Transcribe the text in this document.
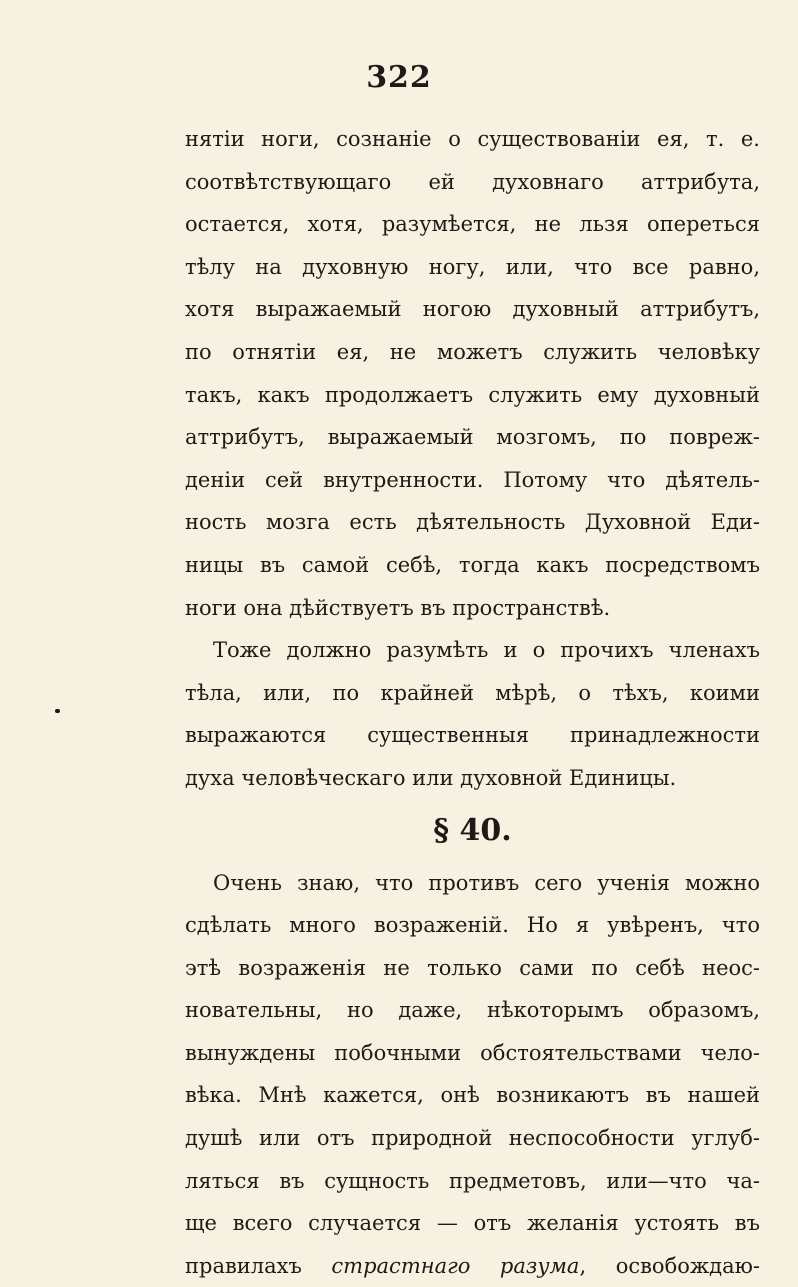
322
нятіи ноги, сознаніе о существованіи ея, т. е.
соотвѣтствующаго ей духовнаго аттрибута,
остается, хотя, разумѣется, не льзя опереться
тѣлу на духовную ногу, или, что все равно,
хотя выражаемый ногою духовный аттрибутъ,
по отнятіи ея, не можетъ служить человѣку
такъ, какъ продолжаетъ служить ему духовный
аттрибутъ, выражаемый мозгомъ, по повреж-
деніи сей внутренности. Потому что дѣятель-
ность мозга есть дѣятельность Духовной Еди-
ницы въ самой себѣ, тогда какъ посредствомъ
ноги она дѣйствуетъ въ пространствѣ.
Тоже должно разумѣть и о прочихъ членахъ
тѣла, или, по крайней мѣрѣ, о тѣхъ, коими
выражаются существенныя принадлежности
духа человѣческаго или духовной Единицы.
§ 40.
Очень знаю, что противъ сего ученія можно
сдѣлать много возраженій. Но я увѣренъ, что
этѣ возраженія не только сами по себѣ неос-
новательны, но даже, нѣкоторымъ образомъ,
вынуждены побочными обстоятельствами чело-
вѣка. Мнѣ кажется, онѣ возникаютъ въ нашей
душѣ или отъ природной неспособности углуб-
ляться въ сущность предметовъ, или—что ча-
ще всего случается — отъ желанія устоять въ
правилахъ страстнаго разума, освобождаю-
